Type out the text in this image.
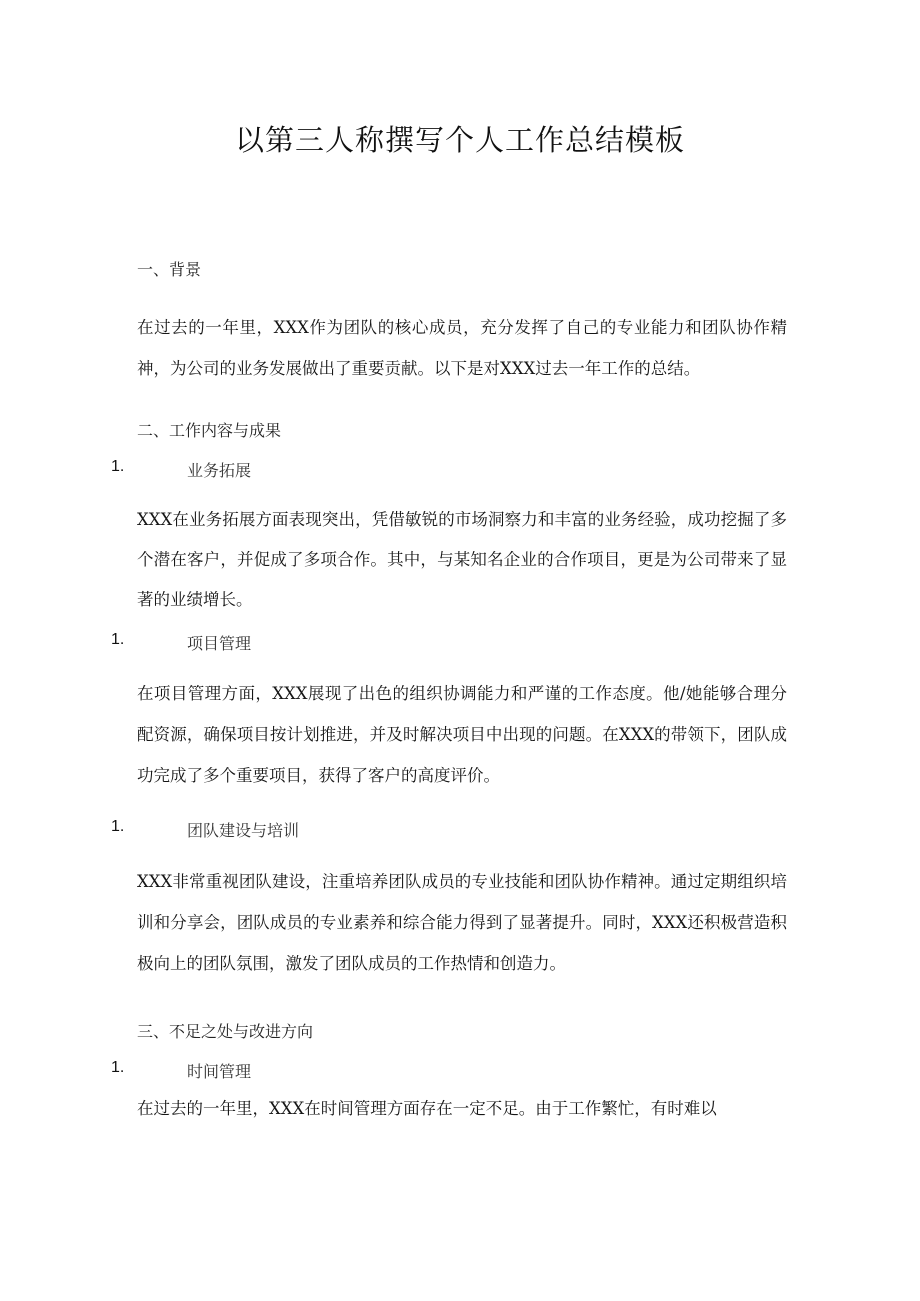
以第三人称撰写个人工作总结模板
一、背景
在过去的一年里，XXX作为团队的核心成员，充分发挥了自己的专业能力和团队协作精神，为公司的业务发展做出了重要贡献。以下是对XXX过去一年工作的总结。
二、工作内容与成果
1.	业务拓展
XXX在业务拓展方面表现突出，凭借敏锐的市场洞察力和丰富的业务经验，成功挖掘了多个潜在客户，并促成了多项合作。其中，与某知名企业的合作项目，更是为公司带来了显著的业绩增长。
1.	项目管理
在项目管理方面，XXX展现了出色的组织协调能力和严谨的工作态度。他/她能够合理分配资源，确保项目按计划推进，并及时解决项目中出现的问题。在XXX的带领下，团队成功完成了多个重要项目，获得了客户的高度评价。
1.	团队建设与培训
XXX非常重视团队建设，注重培养团队成员的专业技能和团队协作精神。通过定期组织培训和分享会，团队成员的专业素养和综合能力得到了显著提升。同时，XXX还积极营造积极向上的团队氛围，激发了团队成员的工作热情和创造力。
三、不足之处与改进方向
1.	时间管理
在过去的一年里，XXX在时间管理方面存在一定不足。由于工作繁忙，有时难以
